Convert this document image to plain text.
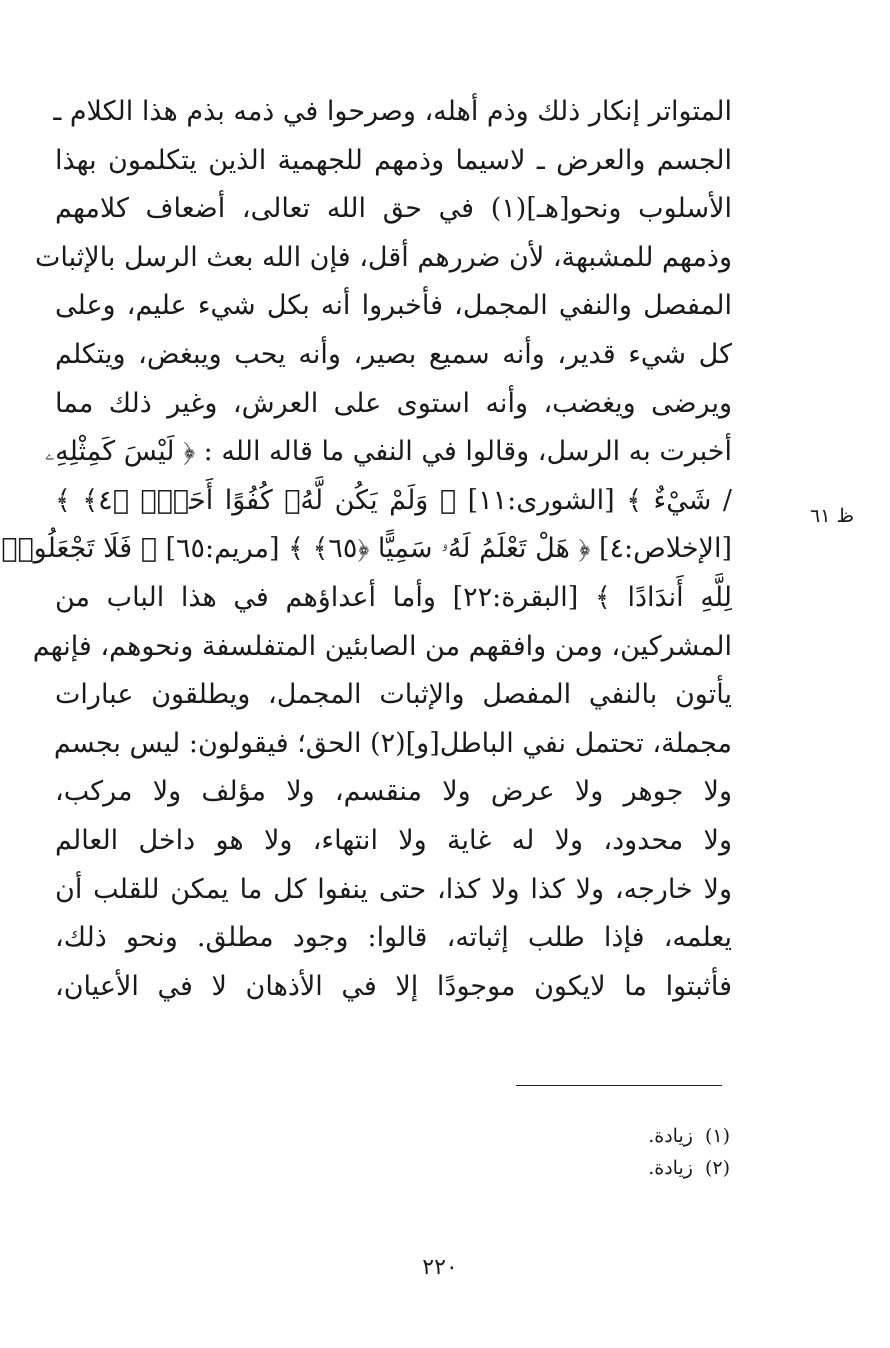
المتواتر إنكار ذلك وذم أهله، وصرحوا في ذمه بذم هذا الكلام ـ
الجسم والعرض ـ لاسيما وذمهم للجهمية الذين يتكلمون بهذا
الأسلوب ونحو[هـ](١) في حق الله تعالى، أضعاف كلامهم
وذمهم للمشبهة، لأن ضررهم أقل، فإن الله بعث الرسل بالإثبات
المفصل والنفي المجمل، فأخبروا أنه بكل شيء عليم، وعلى
كل شيء قدير، وأنه سميع بصير، وأنه يحب ويبغض، ويتكلم
ويرضى ويغضب، وأنه استوى على العرش، وغير ذلك مما
أخبرت به الرسل، وقالوا في النفي ما قاله الله : ﴿ لَيْسَ كَمِثْلِهِۦ
/ شَيْءٌ ﴾ [الشورى:١١] ﴿ وَلَمْ يَكُن لَّهُۥ كُفُوًا أَحَدٌۢ ﴿٤﴾ ﴾
[الإخلاص:٤] ﴿ هَلْ تَعْلَمُ لَهُۥ سَمِيًّا ﴿٦٥﴾ ﴾ [مريم:٦٥] ﴿ فَلَا تَجْعَلُوا۟
لِلَّهِ أَندَادًا ﴾ [البقرة:٢٢] وأما أعداؤهم في هذا الباب من
المشركين، ومن وافقهم من الصابئين المتفلسفة ونحوهم، فإنهم
يأتون بالنفي المفصل والإثبات المجمل، ويطلقون عبارات
مجملة، تحتمل نفي الباطل[و](٢) الحق؛ فيقولون: ليس بجسم
ولا جوهر ولا عرض ولا منقسم، ولا مؤلف ولا مركب،
ولا محدود، ولا له غاية ولا انتهاء، ولا هو داخل العالم
ولا خارجه، ولا كذا ولا كذا، حتى ينفوا كل ما يمكن للقلب أن
يعلمه، فإذا طلب إثباته، قالوا: وجود مطلق. ونحو ذلك،
فأثبتوا ما لايكون موجودًا إلا في الأذهان لا في الأعيان،
ظ ٦١
(١)زيادة.
(٢)زيادة.
٢٢٠
